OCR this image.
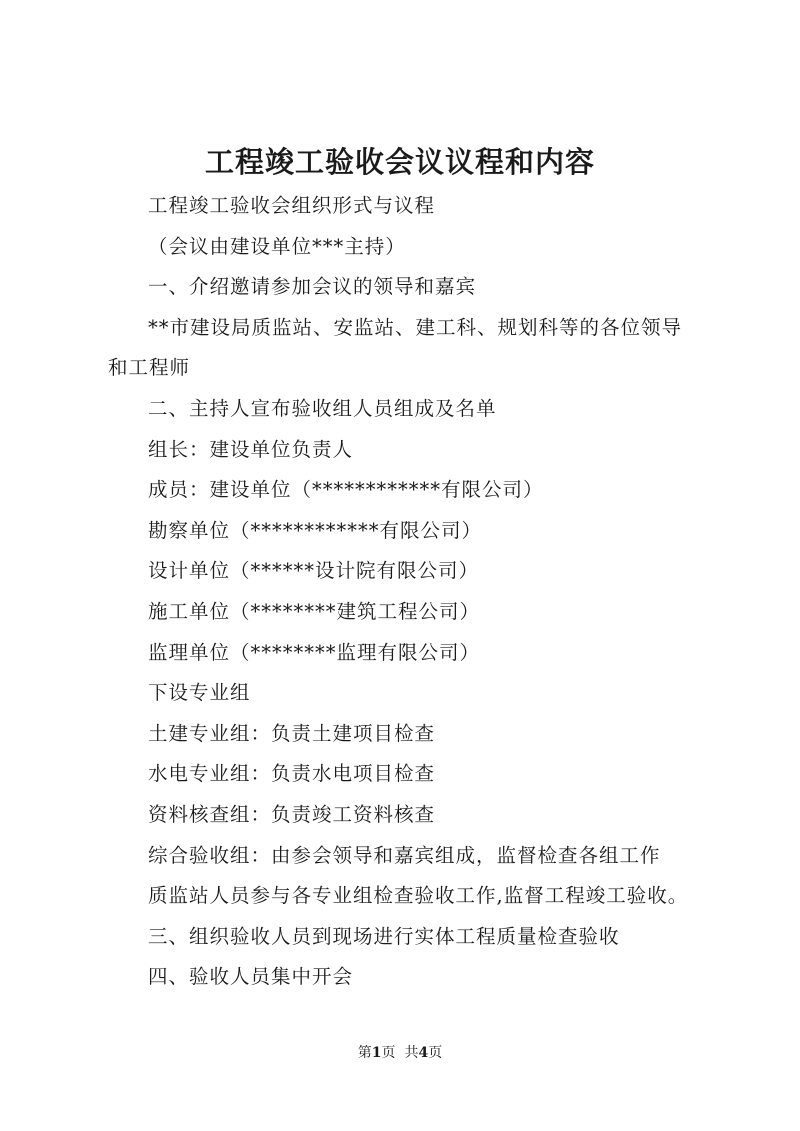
工程竣工验收会议议程和内容

工程竣工验收会组织形式与议程

（会议由建设单位***主持）

一、介绍邀请参加会议的领导和嘉宾

**市建设局质监站、安监站、建工科、规划科等的各位领导

和工程师

二、主持人宣布验收组人员组成及名单

组长：建设单位负责人

成员：建设单位（************有限公司）

勘察单位（************有限公司）

设计单位（******设计院有限公司）

施工单位（********建筑工程公司）

监理单位（********监理有限公司）

下设专业组

土建专业组：负责土建项目检查

水电专业组：负责水电项目检查

资料核查组：负责竣工资料核查

综合验收组：由参会领导和嘉宾组成，监督检查各组工作

质监站人员参与各专业组检查验收工作,监督工程竣工验收。

三、组织验收人员到现场进行实体工程质量检查验收

四、验收人员集中开会

第1页  共4页
